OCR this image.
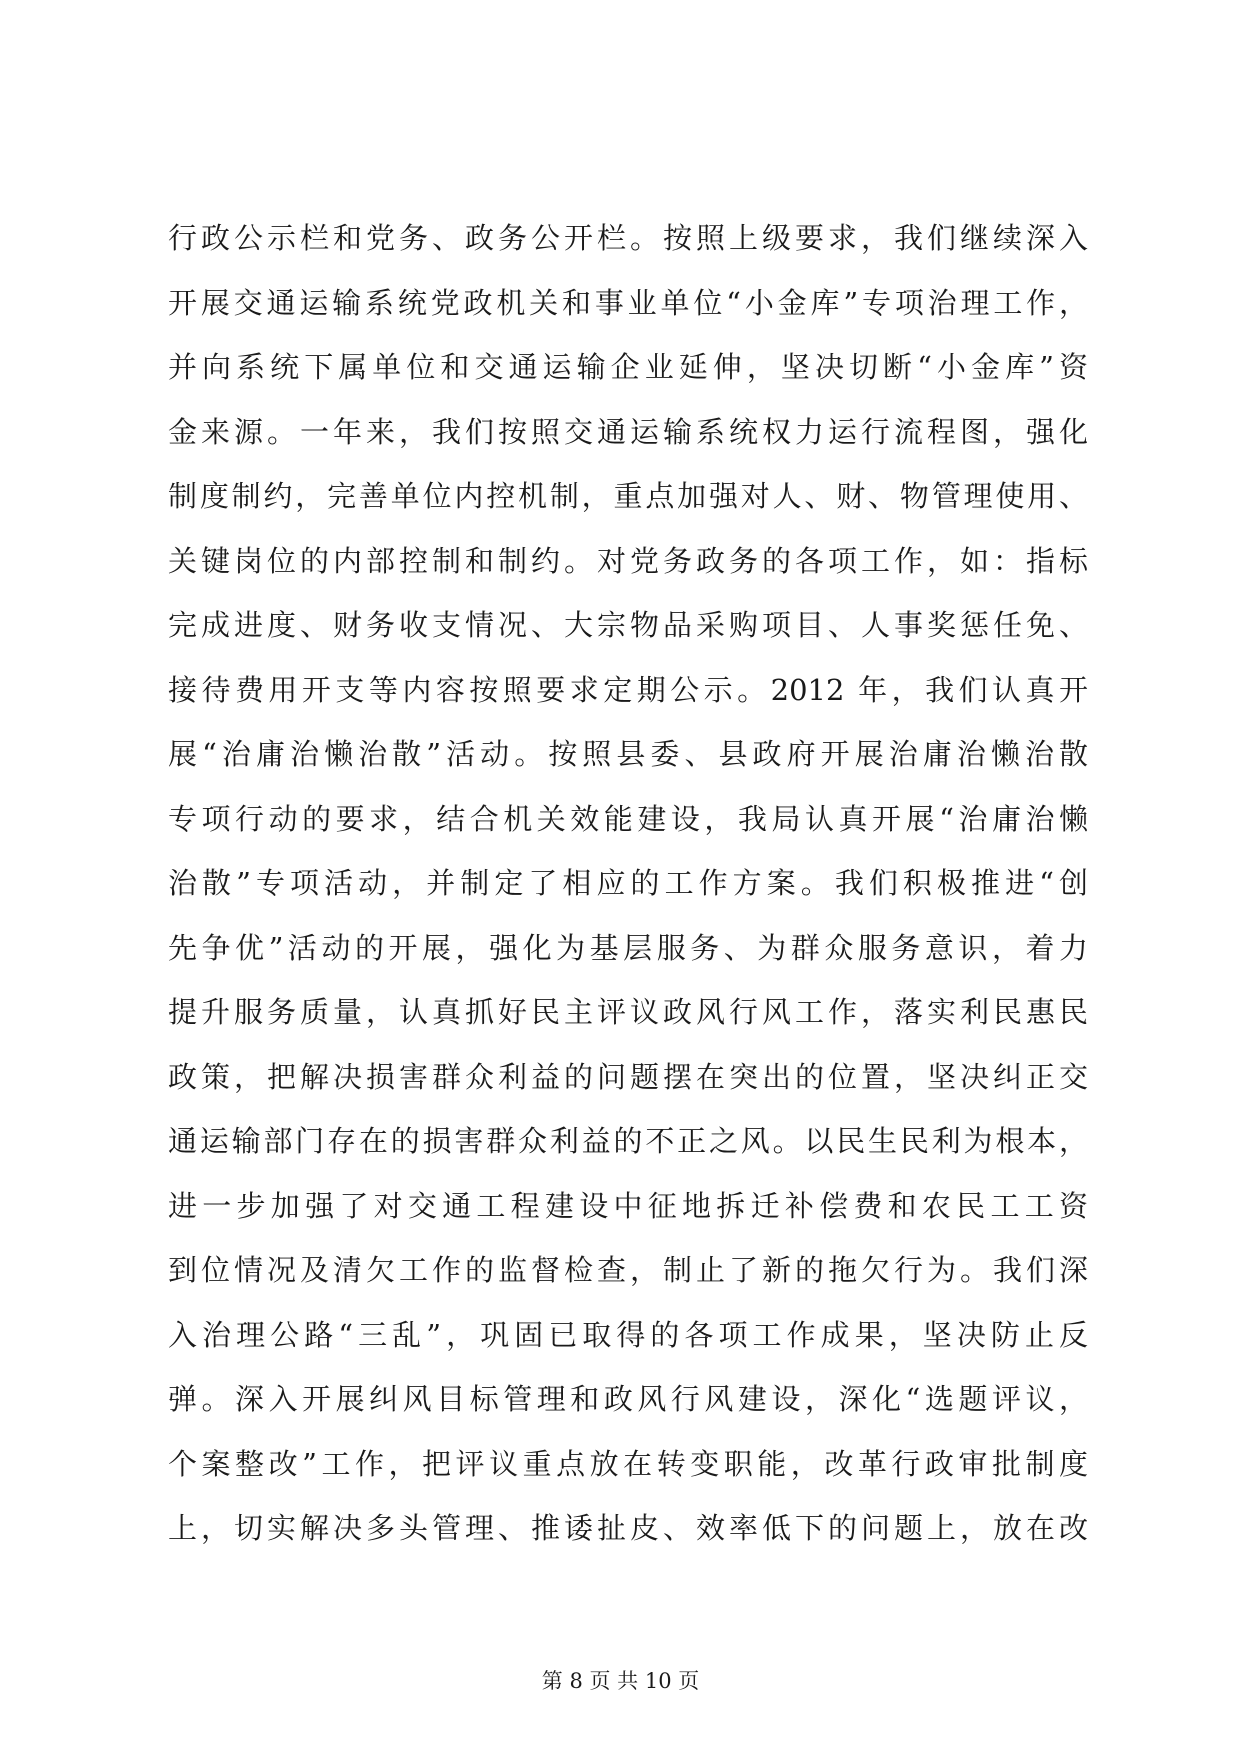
行政公示栏和党务、政务公开栏。按照上级要求，我们继续深入
开展交通运输系统党政机关和事业单位“小金库”专项治理工作，
并向系统下属单位和交通运输企业延伸，坚决切断“小金库”资
金来源。一年来，我们按照交通运输系统权力运行流程图，强化
制度制约，完善单位内控机制，重点加强对人、财、物管理使用、
关键岗位的内部控制和制约。对党务政务的各项工作，如：指标
完成进度、财务收支情况、大宗物品采购项目、人事奖惩任免、
接待费用开支等内容按照要求定期公示。2012 年，我们认真开
展“治庸治懒治散”活动。按照县委、县政府开展治庸治懒治散
专项行动的要求，结合机关效能建设，我局认真开展“治庸治懒
治散”专项活动，并制定了相应的工作方案。我们积极推进“创
先争优”活动的开展，强化为基层服务、为群众服务意识，着力
提升服务质量，认真抓好民主评议政风行风工作，落实利民惠民
政策，把解决损害群众利益的问题摆在突出的位置，坚决纠正交
通运输部门存在的损害群众利益的不正之风。以民生民利为根本，
进一步加强了对交通工程建设中征地拆迁补偿费和农民工工资
到位情况及清欠工作的监督检查，制止了新的拖欠行为。我们深
入治理公路“三乱”，巩固已取得的各项工作成果，坚决防止反
弹。深入开展纠风目标管理和政风行风建设，深化“选题评议，
个案整改”工作，把评议重点放在转变职能，改革行政审批制度
上，切实解决多头管理、推诿扯皮、效率低下的问题上，放在改
第 8 页 共 10 页
